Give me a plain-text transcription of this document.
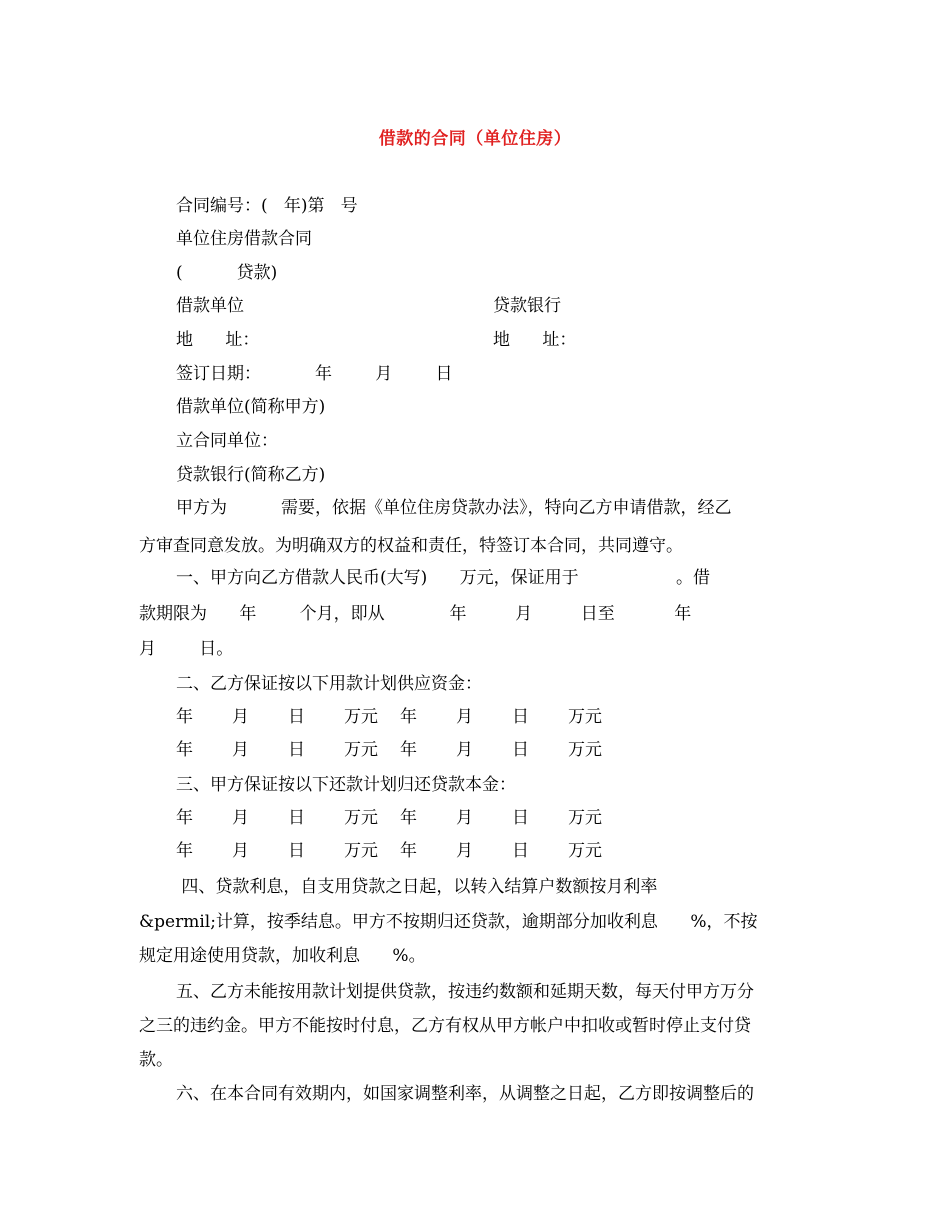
借款的合同（单位住房）
合同编号：(   年)第   号
单位住房借款合同
(          贷款)
借款单位	贷款银行
地      址：	地      址：
签订日期：          年        月        日
借款单位(简称甲方)
立合同单位：
贷款银行(简称乙方)
甲方为          需要，依据《单位住房贷款办法》，特向乙方申请借款，经乙
方审查同意发放。为明确双方的权益和责任，特签订本合同，共同遵守。
一、甲方向乙方借款人民币(大写)      万元，保证用于                  。借
款期限为      年        个月，即从            年         月         日至           年
月        日。
二、乙方保证按以下用款计划供应资金：
年 月 日 万元 年 月 日 万元
年 月 日 万元 年 月 日 万元
三、甲方保证按以下还款计划归还贷款本金：
年 月 日 万元 年 月 日 万元
年 月 日 万元 年 月 日 万元
四、贷款利息，自支用贷款之日起，以转入结算户数额按月利率
&permil;计算，按季结息。甲方不按期归还贷款，逾期部分加收利息      %，不按
规定用途使用贷款，加收利息      %。
五、乙方未能按用款计划提供贷款，按违约数额和延期天数，每天付甲方万分
之三的违约金。甲方不能按时付息，乙方有权从甲方帐户中扣收或暂时停止支付贷
款。
六、在本合同有效期内，如国家调整利率，从调整之日起，乙方即按调整后的
